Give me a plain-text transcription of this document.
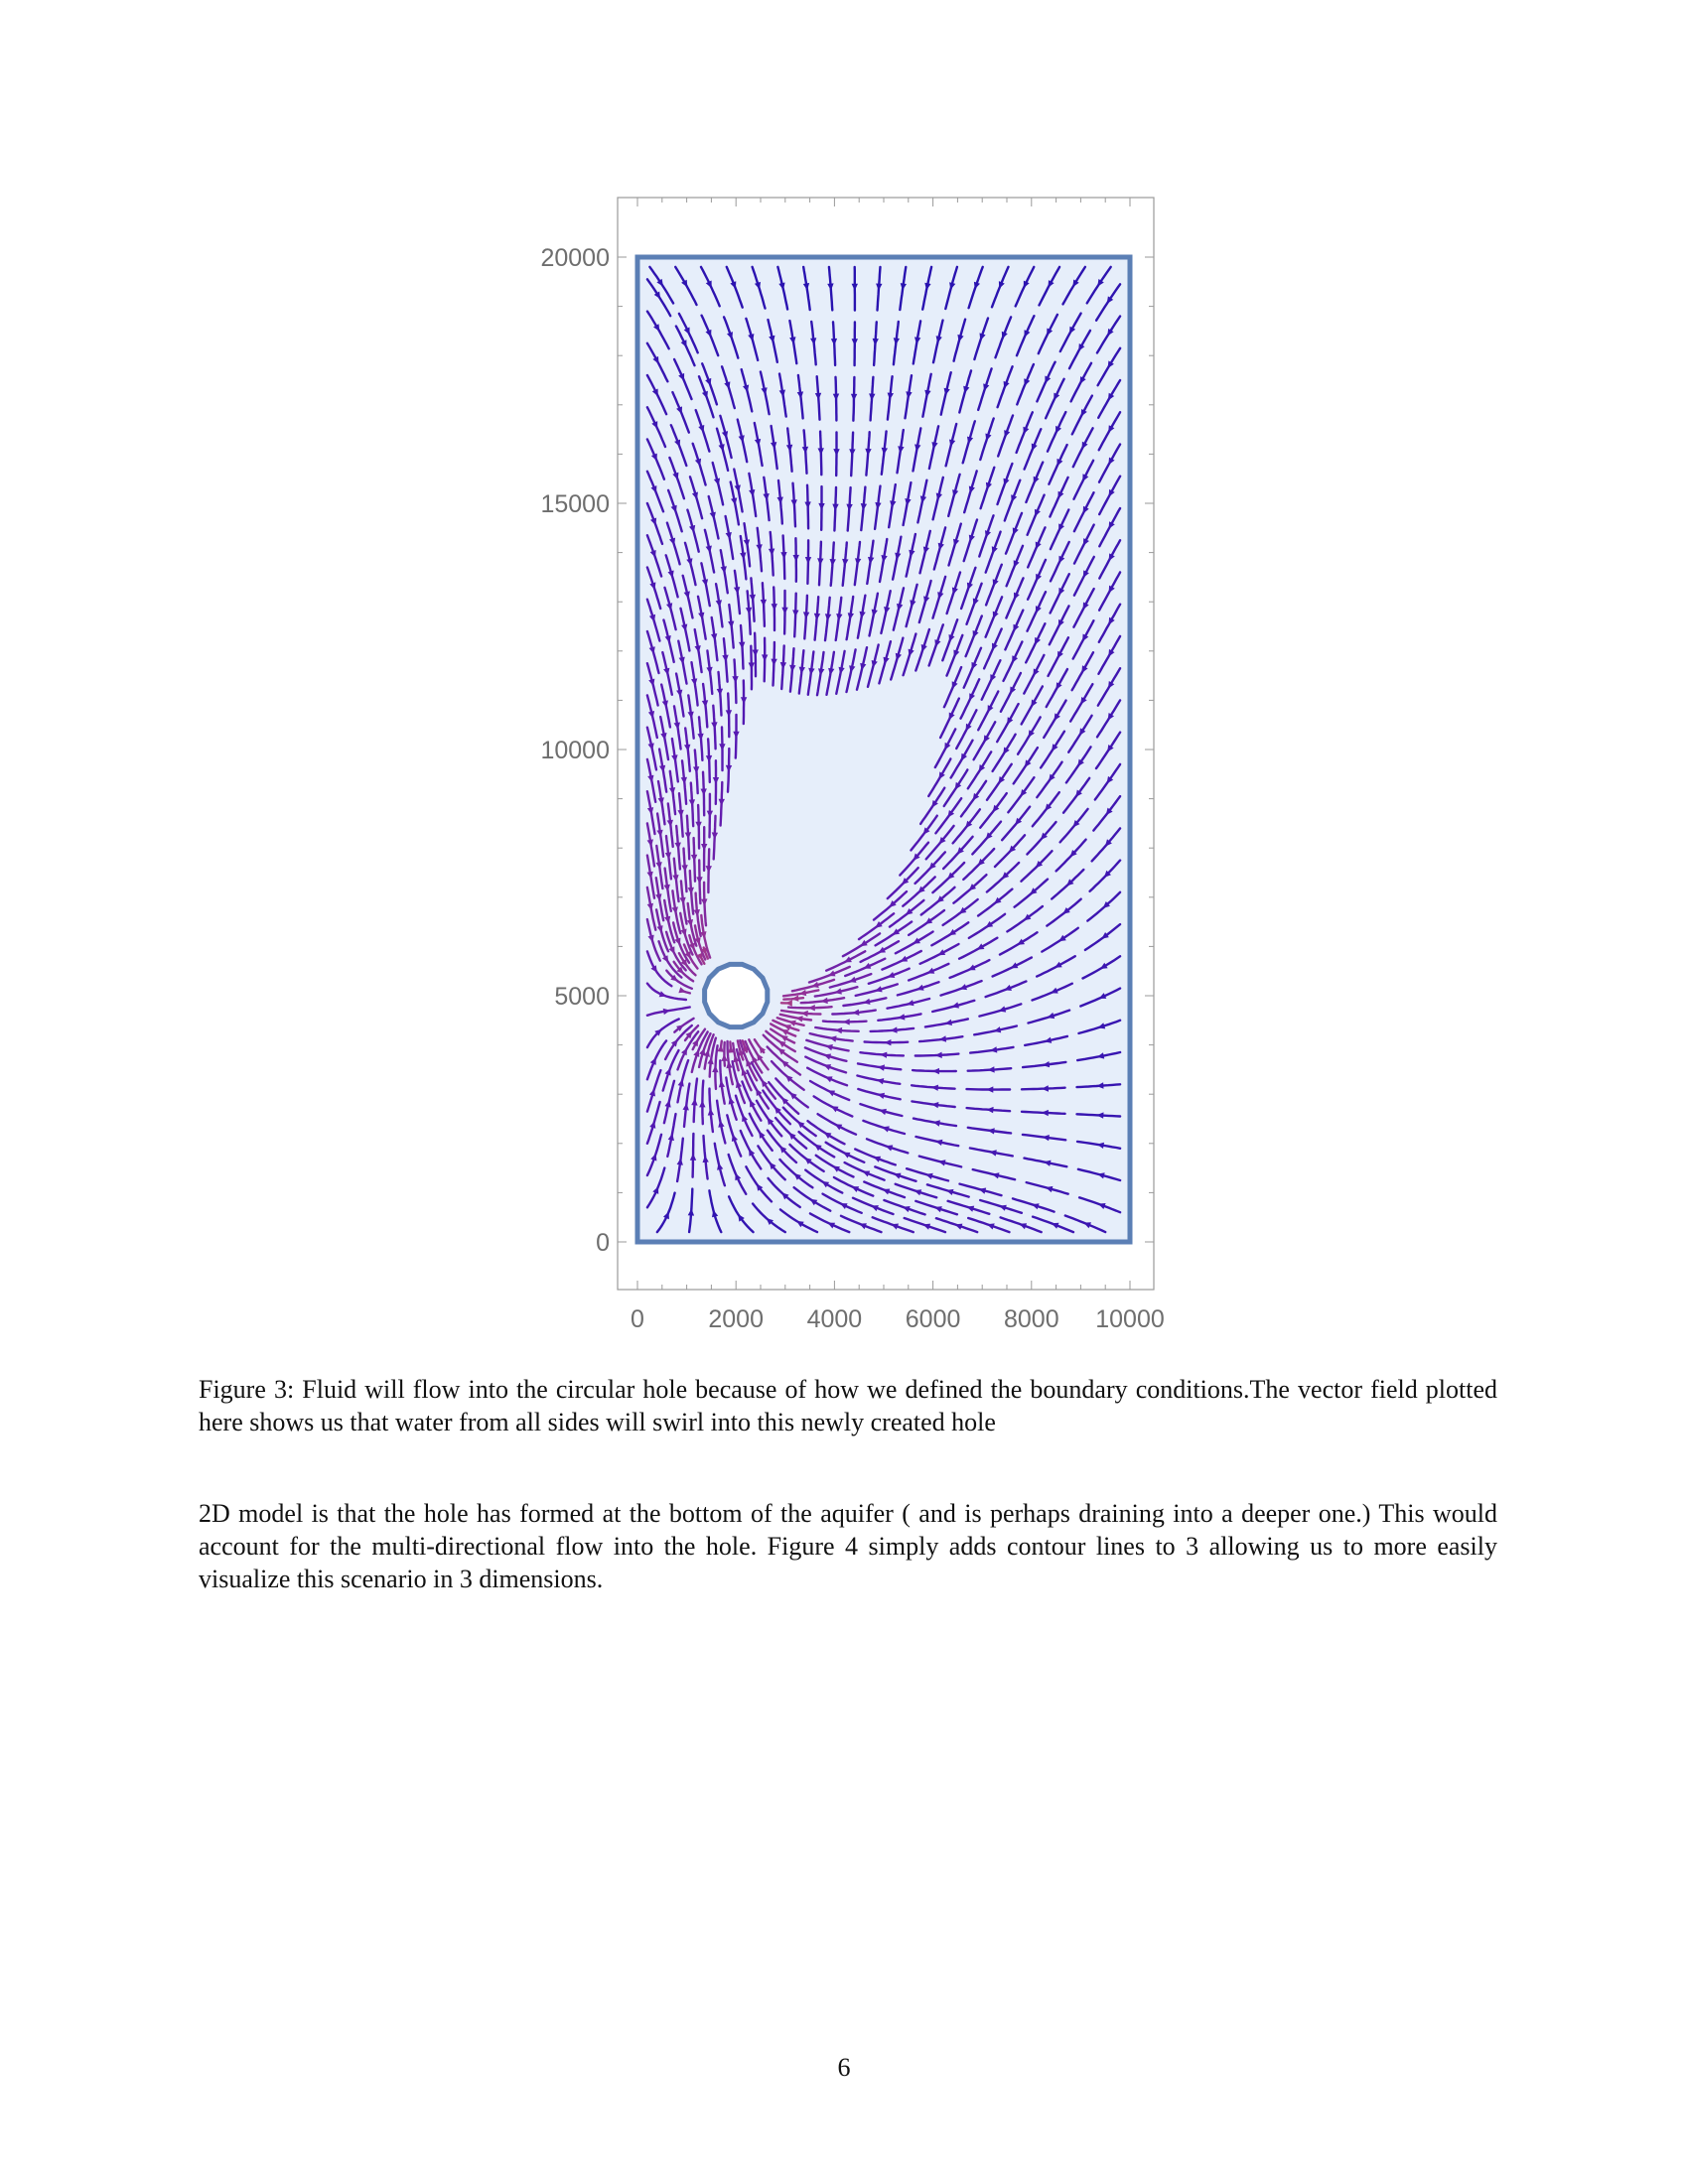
0	2000 4000 6000 8000 10000
0
5000
10000
15000
20000
Figure 3: Fluid will flow into the circular hole because of how we defined the boundary conditions.The vector field plotted here shows us that water from all sides will swirl into this newly created hole
2D model is that the hole has formed at the bottom of the aquifer ( and is perhaps draining into a deeper one.) This would account for the multi-directional flow into the hole. Figure 4 simply adds contour lines to 3 allowing us to more easily visualize this scenario in 3 dimensions.
6
